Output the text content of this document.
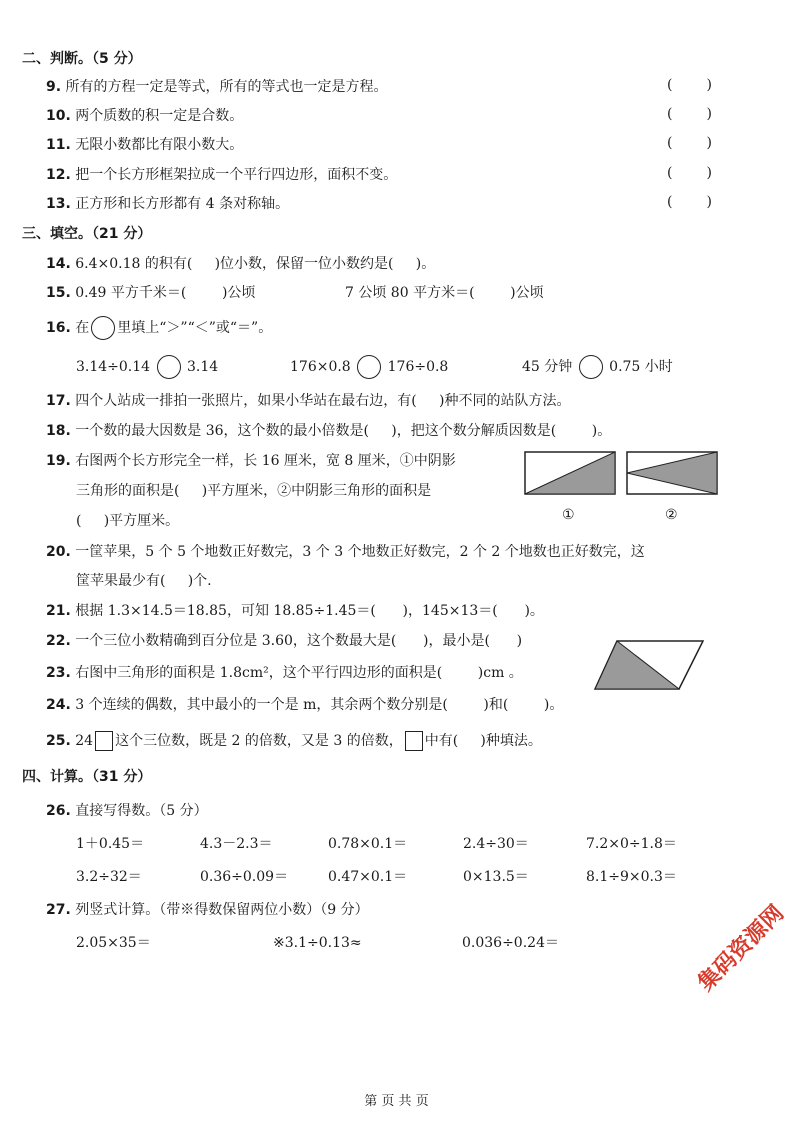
二、判断。（5 分）
9. 所有的方程一定是等式，所有的等式也一定是方程。	( )
10. 两个质数的积一定是合数。	( )
11. 无限小数都比有限小数大。	( )
12. 把一个长方形框架拉成一个平行四边形，面积不变。	( )
13. 正方形和长方形都有 4 条对称轴。	( )
三、填空。（21 分）
14. 6.4×0.18 的积有(     )位小数，保留一位小数约是(     )。
15. 0.49 平方千米＝(        )公顷	7 公顷 80 平方米＝(        )公顷
16. 在 里填上“＞”“＜”或“＝”。
3.14÷0.14	3.14	176×0.8	176÷0.8	45 分钟	0.75 小时
17. 四个人站成一排拍一张照片，如果小华站在最右边，有(     )种不同的站队方法。
18. 一个数的最大因数是 36，这个数的最小倍数是(     )，把这个数分解质因数是(        )。
19. 右图两个长方形完全一样，长 16 厘米，宽 8 厘米，①中阴影
三角形的面积是(     )平方厘米，②中阴影三角形的面积是
(     )平方厘米。	①	②
20. 一筐苹果，5 个 5 个地数正好数完，3 个 3 个地数正好数完，2 个 2 个地数也正好数完，这
筐苹果最少有(     )个.
21. 根据 1.3×14.5＝18.85，可知 18.85÷1.45＝(      )，145×13＝(      )。
22. 一个三位小数精确到百分位是 3.60，这个数最大是(      )，最小是(      )
23. 右图中三角形的面积是 1.8cm²，这个平行四边形的面积是(        )cm 。
24. 3 个连续的偶数，其中最小的一个是 m，其余两个数分别是(        )和(        )。
25. 24 这个三位数，既是 2 的倍数，又是 3 的倍数， 中有(     )种填法。
四、计算。（31 分）
26. 直接写得数。（5 分）
1＋0.45＝	4.3－2.3＝	0.78×0.1＝	2.4÷30＝	7.2×0÷1.8＝
3.2÷32＝	0.36÷0.09＝	0.47×0.1＝	0×13.5＝	8.1÷9×0.3＝
27. 列竖式计算。（带※得数保留两位小数）（9 分）
2.05×35＝	※3.1÷0.13≈	0.036÷0.24＝	集码资源网
第 页 共 页
